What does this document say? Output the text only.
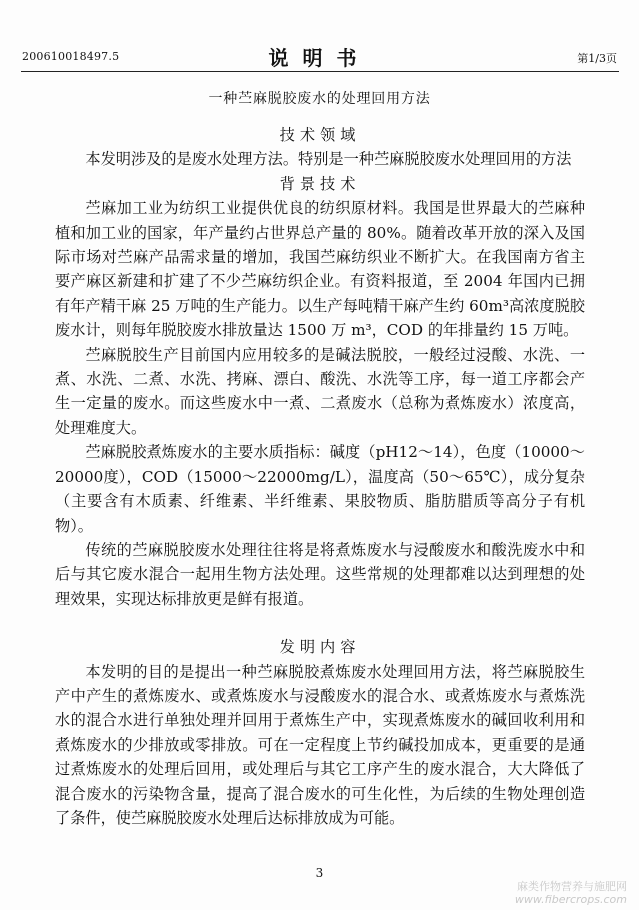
200610018497.5	说明书	第1/3页
一种苎麻脱胶废水的处理回用方法

技术领域

本发明涉及的是废水处理方法。特别是一种苎麻脱胶废水处理回用的方法

背景技术

苎麻加工业为纺织工业提供优良的纺织原材料。我国是世界最大的苎麻种植和加工业的国家，年产量约占世界总产量的 80%。随着改革开放的深入及国际市场对苎麻产品需求量的增加，我国苎麻纺织业不断扩大。在我国南方省主要产麻区新建和扩建了不少苎麻纺织企业。有资料报道，至 2004 年国内已拥有年产精干麻 25 万吨的生产能力。以生产每吨精干麻产生约 60m³高浓度脱胶废水计，则每年脱胶废水排放量达 1500 万 m³，COD 的年排量约 15 万吨。

苎麻脱胶生产目前国内应用较多的是碱法脱胶，一般经过浸酸、水洗、一煮、水洗、二煮、水洗、拷麻、漂白、酸洗、水洗等工序，每一道工序都会产生一定量的废水。而这些废水中一煮、二煮废水（总称为煮炼废水）浓度高，处理难度大。

苎麻脱胶煮炼废水的主要水质指标：碱度（pH12～14），色度（10000～20000度），COD（15000～22000mg/L），温度高（50～65℃），成分复杂（主要含有木质素、纤维素、半纤维素、果胶物质、脂肪腊质等高分子有机物）。

传统的苎麻脱胶废水处理往往将是将煮炼废水与浸酸废水和酸洗废水中和后与其它废水混合一起用生物方法处理。这些常规的处理都难以达到理想的处理效果，实现达标排放更是鲜有报道。

发明内容

本发明的目的是提出一种苎麻脱胶煮炼废水处理回用方法，将苎麻脱胶生产中产生的煮炼废水、或煮炼废水与浸酸废水的混合水、或煮炼废水与煮炼洗水的混合水进行单独处理并回用于煮炼生产中，实现煮炼废水的碱回收利用和煮炼废水的少排放或零排放。可在一定程度上节约碱投加成本，更重要的是通过煮炼废水的处理后回用，或处理后与其它工序产生的废水混合，大大降低了混合废水的污染物含量，提高了混合废水的可生化性，为后续的生物处理创造了条件，使苎麻脱胶废水处理后达标排放成为可能。

3
麻类作物营养与施肥网
www.fibercrops.com
